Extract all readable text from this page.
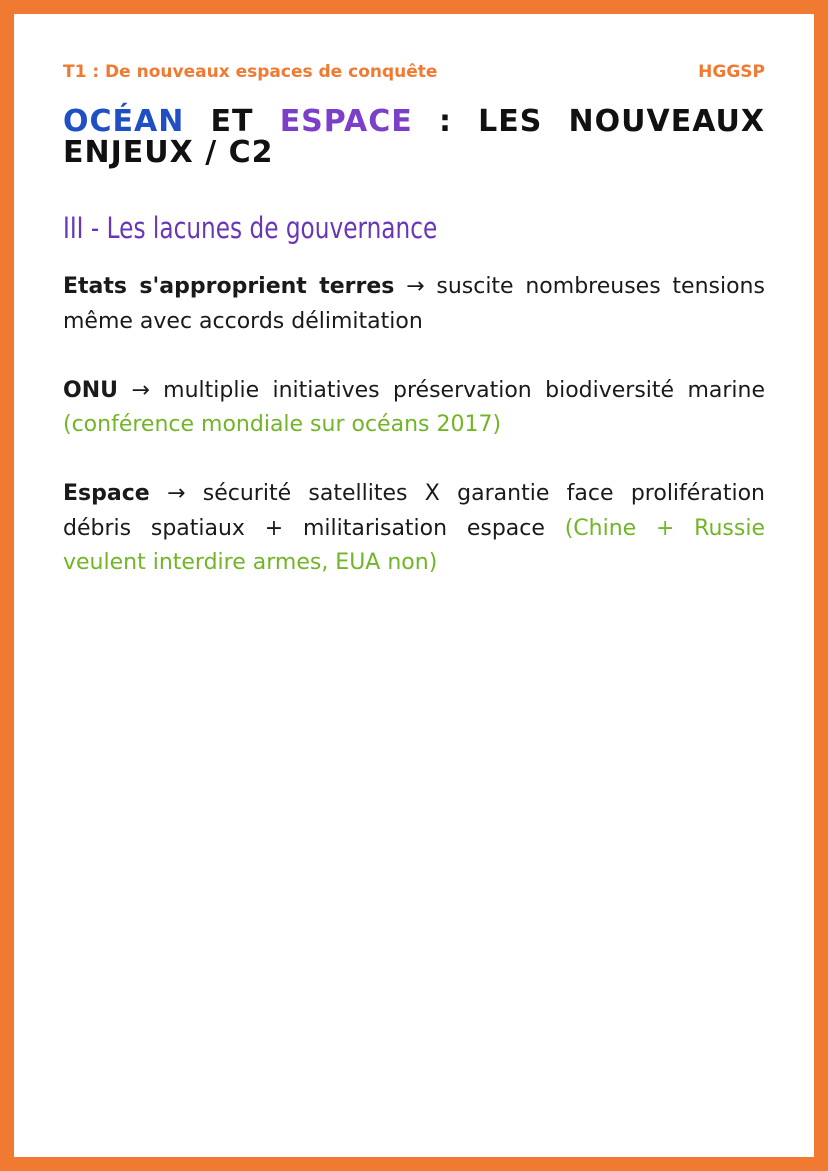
T1 : De nouveaux espaces de conquête	HGGSP
OCÉAN ET ESPACE : LES NOUVEAUX ENJEUX / C2
III - Les lacunes de gouvernance

Etats s'approprient terres → suscite nombreuses tensions même avec accords délimitation

ONU → multiplie initiatives préservation biodiversité marine (conférence mondiale sur océans 2017)

Espace → sécurité satellites X garantie face prolifération débris spatiaux + militarisation espace (Chine + Russie veulent interdire armes, EUA non)
